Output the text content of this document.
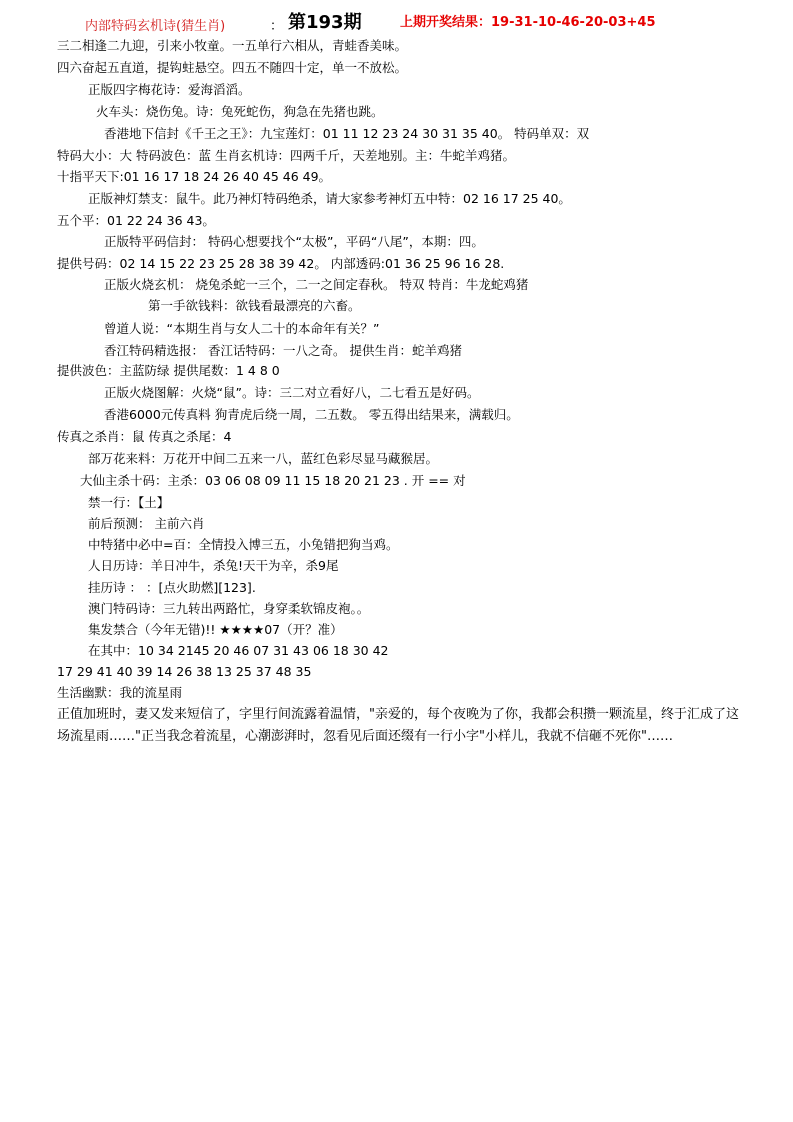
内部特码玄机诗(猜生肖)	： 第193期	上期开奖结果：19-31-10-46-20-03+45
三二相逢二九迎，引来小牧童。一五单行六相从，青蛙香美味。
四六奋起五直道，提钩蛀悬空。四五不随四十定，单一不放松。
正版四字梅花诗：爱海滔滔。
火车头：烧伤兔。诗：兔死蛇伤，狗急在先猪也跳。
香港地下信封《千王之王》：九宝莲灯：01 11 12 23 24 30 31 35 40。 特码单双：双
特码大小：大 特码波色：蓝 生肖玄机诗：四两千斤，天差地别。主：牛蛇羊鸡猪。
十指平天下:01 16 17 18 24 26 40 45 46 49。
正版神灯禁支：鼠牛。此乃神灯特码绝杀，请大家参考神灯五中特：02 16 17 25 40。
五个平：01 22 24 36 43。
正版特平码信封： 特码心想要找个“太极”，平码“八尾”，本期：四。
提供号码：02 14 15 22 23 25 28 38 39 42。 内部透码:01 36 25 96 16 28.
正版火烧玄机： 烧兔杀蛇一三个，二一之间定春秋。 特双 特肖：牛龙蛇鸡猪
第一手欲钱料：欲钱看最漂亮的六畜。
曾道人说：“本期生肖与女人二十的本命年有关？”
香江特码精选报： 香江话特码：一八之奇。 提供生肖：蛇羊鸡猪
提供波色：主蓝防绿 提供尾数：1 4 8 0
正版火烧图解：火烧“鼠”。诗：三二对立看好八，二七看五是好码。
香港6000元传真料 狗青虎后绕一周，二五数。 零五得出结果来，满载归。
传真之杀肖：鼠 传真之杀尾：4
部万花来料：万花开中间二五来一八，蓝红色彩尽显马藏猴居。
大仙主杀十码：主杀：03 06 08 09 11 15 18 20 21 23 . 开 == 对
禁一行：【土】
前后预测： 主前六肖
中特猪中必中=百：全情投入博三五，小兔错把狗当鸡。
人日历诗：羊日冲牛，杀兔!天干为辛，杀9尾
挂历诗 ： ：[点火助燃][123].
澳门特码诗：三九转出两路忙，身穿柔软锦皮袍。。
集发禁合（今年无错)!! ★★★★07（开？准）
在其中：10 34 2145 20 46 07 31 43 06 18 30 42
17 29 41 40 39 14 26 38 13 25 37 48 35
生活幽默：我的流星雨
正值加班时，妻又发来短信了，字里行间流露着温情，"亲爱的，每个夜晚为了你，我都会积攒一颗流星，终于汇成了这场流星雨……"正当我念着流星，心潮澎湃时，忽看见后面还缀有一行小字"小样儿，我就不信砸不死你"……
